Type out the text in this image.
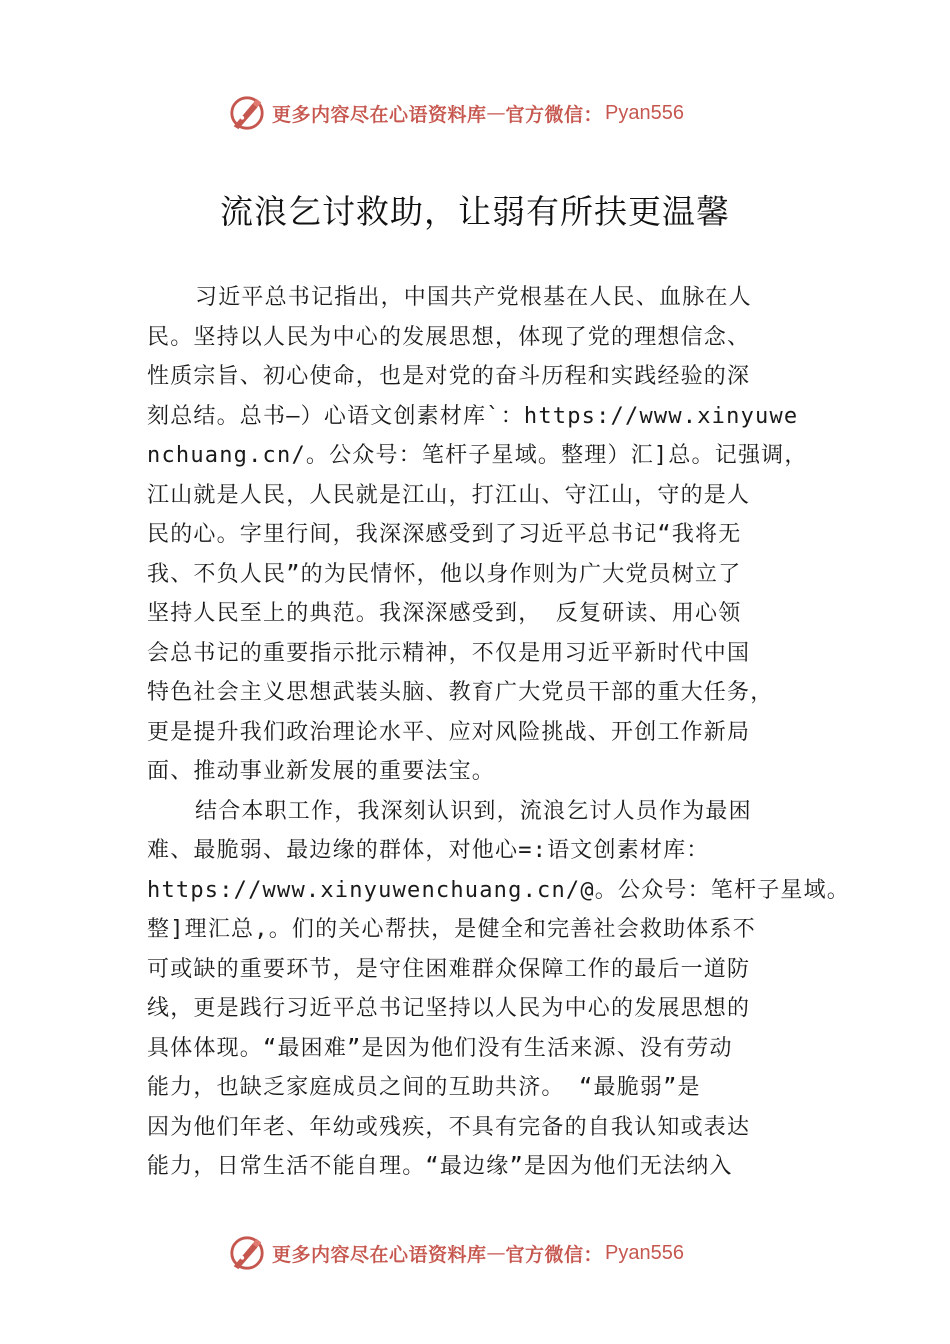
更多内容尽在心语资料库 — 官方微信： Pyan556
流浪乞讨救助，让弱有所扶更温馨
习近平总书记指出，中国共产党根基在人民、血脉在人
民。坚持以人民为中心的发展思想，体现了党的理想信念、
性质宗旨、初心使命，也是对党的奋斗历程和实践经验的深
刻总结。总书—）心语文创素材库`：https://www.xinyuwe
nchuang.cn/。公众号：笔杆子星域。整理）汇]总。记强调，
江山就是人民，人民就是江山，打江山、守江山，守的是人
民的心。字里行间，我深深感受到了习近平总书记“我将无
我、不负人民”的为民情怀，他以身作则为广大党员树立了
坚持人民至上的典范。我深深感受到， 反复研读、用心领
会总书记的重要指示批示精神，不仅是用习近平新时代中国
特色社会主义思想武装头脑、教育广大党员干部的重大任务，
更是提升我们政治理论水平、应对风险挑战、开创工作新局
面、推动事业新发展的重要法宝。
结合本职工作，我深刻认识到，流浪乞讨人员作为最困
难、最脆弱、最边缘的群体，对他心=:语文创素材库：
https://www.xinyuwenchuang.cn/@。公众号：笔杆子星域。
整]理汇总,。们的关心帮扶，是健全和完善社会救助体系不
可或缺的重要环节，是守住困难群众保障工作的最后一道防
线，更是践行习近平总书记坚持以人民为中心的发展思想的
具体体现。“最困难”是因为他们没有生活来源、没有劳动
能力，也缺乏家庭成员之间的互助共济。 “最脆弱”是
因为他们年老、年幼或残疾，不具有完备的自我认知或表达
能力，日常生活不能自理。“最边缘”是因为他们无法纳入
更多内容尽在心语资料库 — 官方微信： Pyan556
